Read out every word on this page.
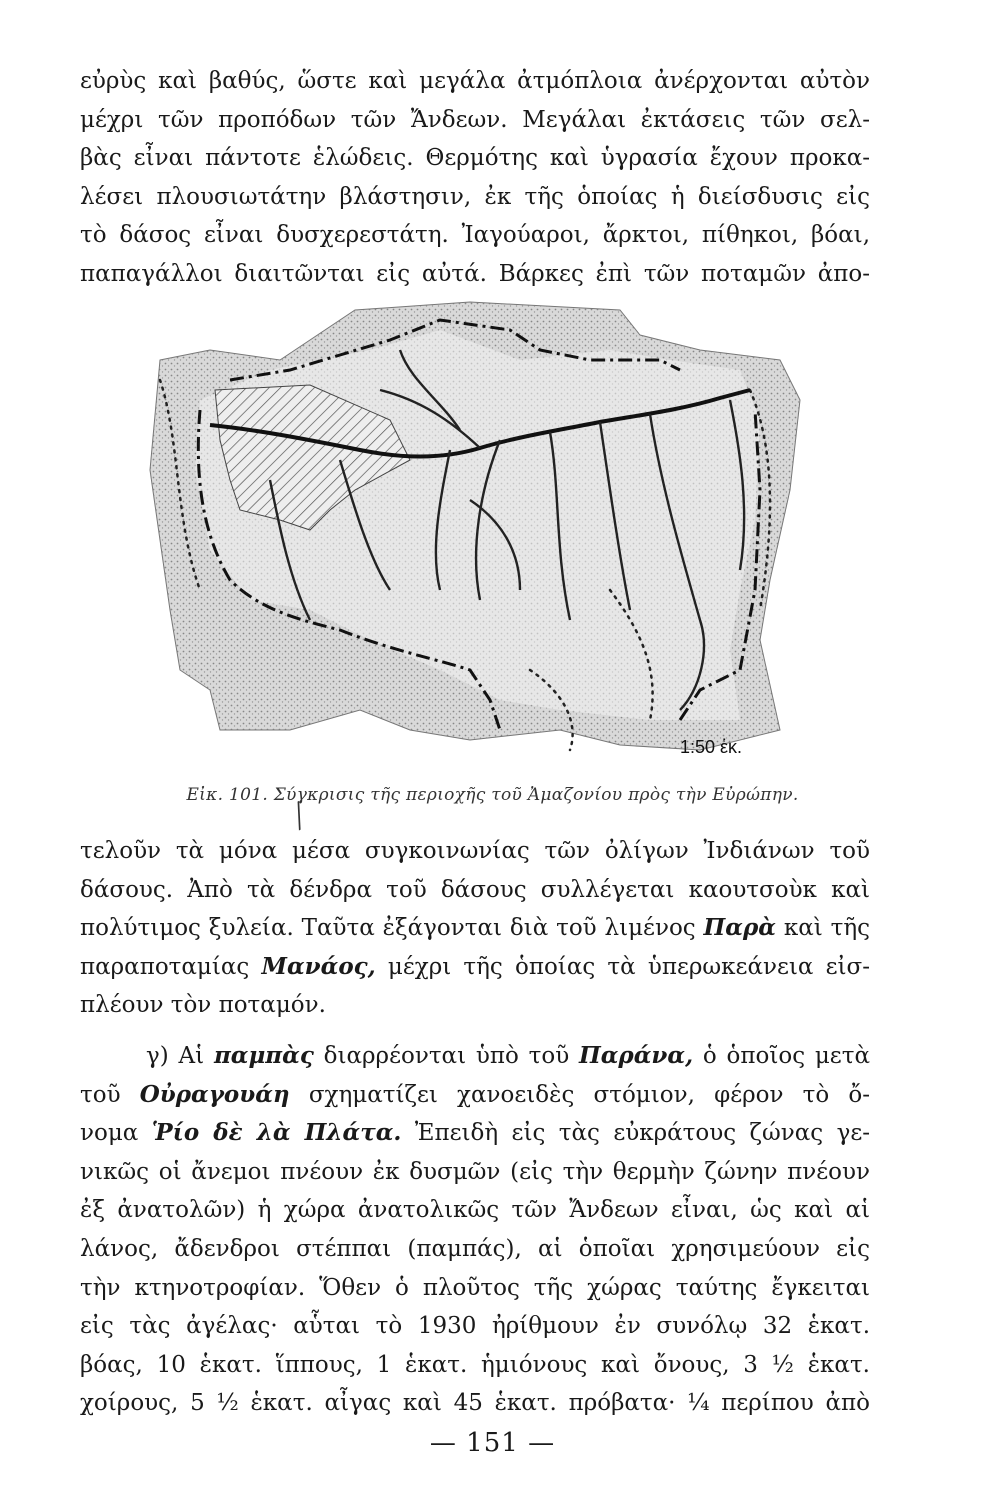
εὐρὺς καὶ βαθύς, ὥστε καὶ μεγάλα ἀτμόπλοια ἀνέρχονται αὐτὸν
μέχρι τῶν προπόδων τῶν Ἄνδεων. Μεγάλαι ἐκτάσεις τῶν σελ-
βὰς εἶναι πάντοτε ἑλώδεις. Θερμότης καὶ ὑγρασία ἔχουν προκα-
λέσει πλουσιωτάτην βλάστησιν, ἐκ τῆς ὁποίας ἡ διείσδυσις εἰς
τὸ δάσος εἶναι δυσχερεστάτη. Ἰαγούαροι, ἄρκτοι, πίθηκοι, βόαι,
παπαγάλλοι διαιτῶνται εἰς αὐτά. Βάρκες ἐπὶ τῶν ποταμῶν ἀπο-

1:50 ἑκ.
Εἰκ. 101. Σύγκρισις τῆς περιοχῆς τοῦ Ἀμαζονίου πρὸς τὴν Εὐρώπην.
╱

τελοῦν τὰ μόνα μέσα συγκοινωνίας τῶν ὀλίγων Ἰνδιάνων τοῦ
δάσους. Ἀπὸ τὰ δένδρα τοῦ δάσους συλλέγεται καουτσοὺκ καὶ
πολύτιμος ξυλεία. Ταῦτα ἐξάγονται διὰ τοῦ λιμένος Παρὰ καὶ τῆς
παραποταμίας Μανάος, μέχρι τῆς ὁποίας τὰ ὑπερωκεάνεια εἰσ-
πλέουν τὸν ποταμόν.

γ) Αἱ παμπὰς διαρρέονται ὑπὸ τοῦ Παράνα, ὁ ὁποῖος μετὰ
τοῦ Οὐραγουάη σχηματίζει χανοειδὲς στόμιον, φέρον τὸ ὄ-
νομα Ῥίο δὲ λὰ Πλάτα. Ἐπειδὴ εἰς τὰς εὐκράτους ζώνας γε-
νικῶς οἱ ἄνεμοι πνέουν ἐκ δυσμῶν (εἰς τὴν θερμὴν ζώνην πνέουν
ἐξ ἀνατολῶν) ἡ χώρα ἀνατολικῶς τῶν Ἄνδεων εἶναι, ὡς καὶ αἱ
λάνος, ἄδενδροι στέππαι (παμπάς), αἱ ὁποῖαι χρησιμεύουν εἰς
τὴν κτηνοτροφίαν. Ὅθεν ὁ πλοῦτος τῆς χώρας ταύτης ἔγκειται
εἰς τὰς ἀγέλας· αὗται τὸ 1930 ἠρίθμουν ἐν συνόλῳ 32 ἑκατ.
βόας, 10 ἑκατ. ἵππους, 1 ἑκατ. ἡμιόνους καὶ ὄνους, 3 ½ ἑκατ.
χοίρους, 5 ½ ἑκατ. αἶγας καὶ 45 ἑκατ. πρόβατα· ¼ περίπου ἀπὸ

— 151 —
